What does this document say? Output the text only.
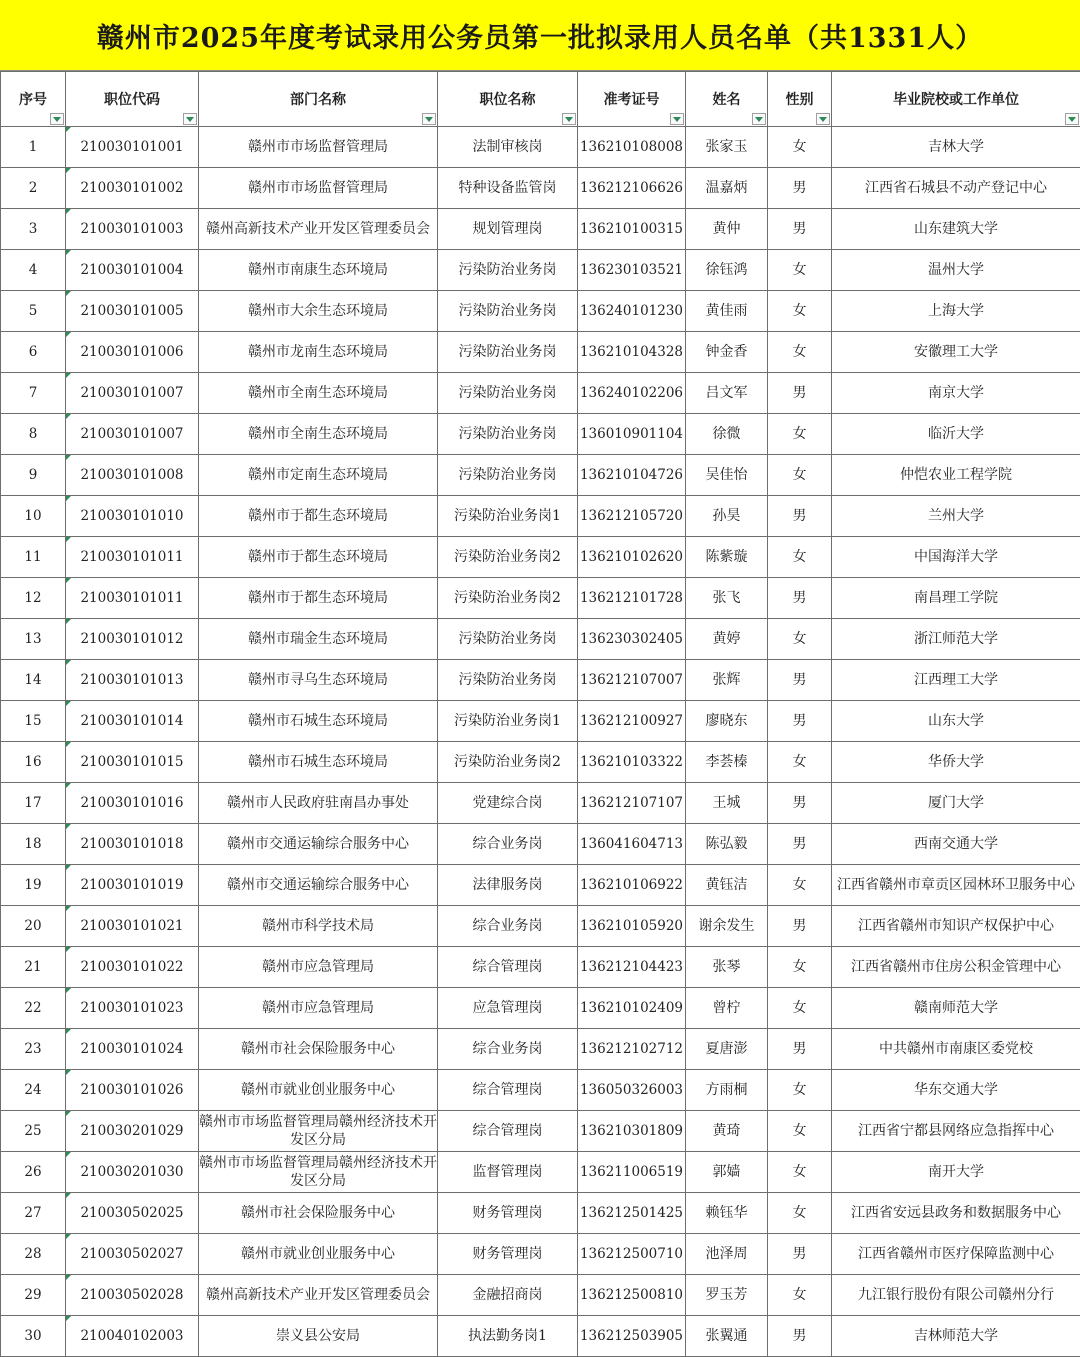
赣州市2025年度考试录用公务员第一批拟录用人员名单（共1331人）
序号	职位代码	部门名称	职位名称	准考证号	姓名	性别	毕业院校或工作单位

1	210030101001	赣州市市场监督管理局	法制审核岗	136210108008	张家玉	女	吉林大学
2	210030101002	赣州市市场监督管理局	特种设备监管岗	136212106626	温嘉炳	男	江西省石城县不动产登记中心
3	210030101003	赣州高新技术产业开发区管理委员会	规划管理岗	136210100315	黄仲	男	山东建筑大学
4	210030101004	赣州市南康生态环境局	污染防治业务岗	136230103521	徐钰鸿	女	温州大学
5	210030101005	赣州市大余生态环境局	污染防治业务岗	136240101230	黄佳雨	女	上海大学
6	210030101006	赣州市龙南生态环境局	污染防治业务岗	136210104328	钟金香	女	安徽理工大学
7	210030101007	赣州市全南生态环境局	污染防治业务岗	136240102206	吕文军	男	南京大学
8	210030101007	赣州市全南生态环境局	污染防治业务岗	136010901104	徐微	女	临沂大学
9	210030101008	赣州市定南生态环境局	污染防治业务岗	136210104726	吴佳怡	女	仲恺农业工程学院
10	210030101010	赣州市于都生态环境局	污染防治业务岗1	136212105720	孙昊	男	兰州大学
11	210030101011	赣州市于都生态环境局	污染防治业务岗2	136210102620	陈紫璇	女	中国海洋大学
12	210030101011	赣州市于都生态环境局	污染防治业务岗2	136212101728	张飞	男	南昌理工学院
13	210030101012	赣州市瑞金生态环境局	污染防治业务岗	136230302405	黄婷	女	浙江师范大学
14	210030101013	赣州市寻乌生态环境局	污染防治业务岗	136212107007	张辉	男	江西理工大学
15	210030101014	赣州市石城生态环境局	污染防治业务岗1	136212100927	廖晓东	男	山东大学
16	210030101015	赣州市石城生态环境局	污染防治业务岗2	136210103322	李荟榛	女	华侨大学
17	210030101016	赣州市人民政府驻南昌办事处	党建综合岗	136212107107	王城	男	厦门大学
18	210030101018	赣州市交通运输综合服务中心	综合业务岗	136041604713	陈弘毅	男	西南交通大学
19	210030101019	赣州市交通运输综合服务中心	法律服务岗	136210106922	黄钰洁	女	江西省赣州市章贡区园林环卫服务中心
20	210030101021	赣州市科学技术局	综合业务岗	136210105920	谢余发生	男	江西省赣州市知识产权保护中心
21	210030101022	赣州市应急管理局	综合管理岗	136212104423	张琴	女	江西省赣州市住房公积金管理中心
22	210030101023	赣州市应急管理局	应急管理岗	136210102409	曾柠	女	赣南师范大学
23	210030101024	赣州市社会保险服务中心	综合业务岗	136212102712	夏唐澎	男	中共赣州市南康区委党校
24	210030101026	赣州市就业创业服务中心	综合管理岗	136050326003	方雨桐	女	华东交通大学
25	210030201029	赣州市市场监督管理局赣州经济技术开发区分局	综合管理岗	136210301809	黄琦	女	江西省宁都县网络应急指挥中心
26	210030201030	赣州市市场监督管理局赣州经济技术开发区分局	监督管理岗	136211006519	郭嫱	女	南开大学
27	210030502025	赣州市社会保险服务中心	财务管理岗	136212501425	赖钰华	女	江西省安远县政务和数据服务中心
28	210030502027	赣州市就业创业服务中心	财务管理岗	136212500710	池泽周	男	江西省赣州市医疗保障监测中心
29	210030502028	赣州高新技术产业开发区管理委员会	金融招商岗	136212500810	罗玉芳	女	九江银行股份有限公司赣州分行
30	210040102003	崇义县公安局	执法勤务岗1	136212503905	张翼通	男	吉林师范大学
